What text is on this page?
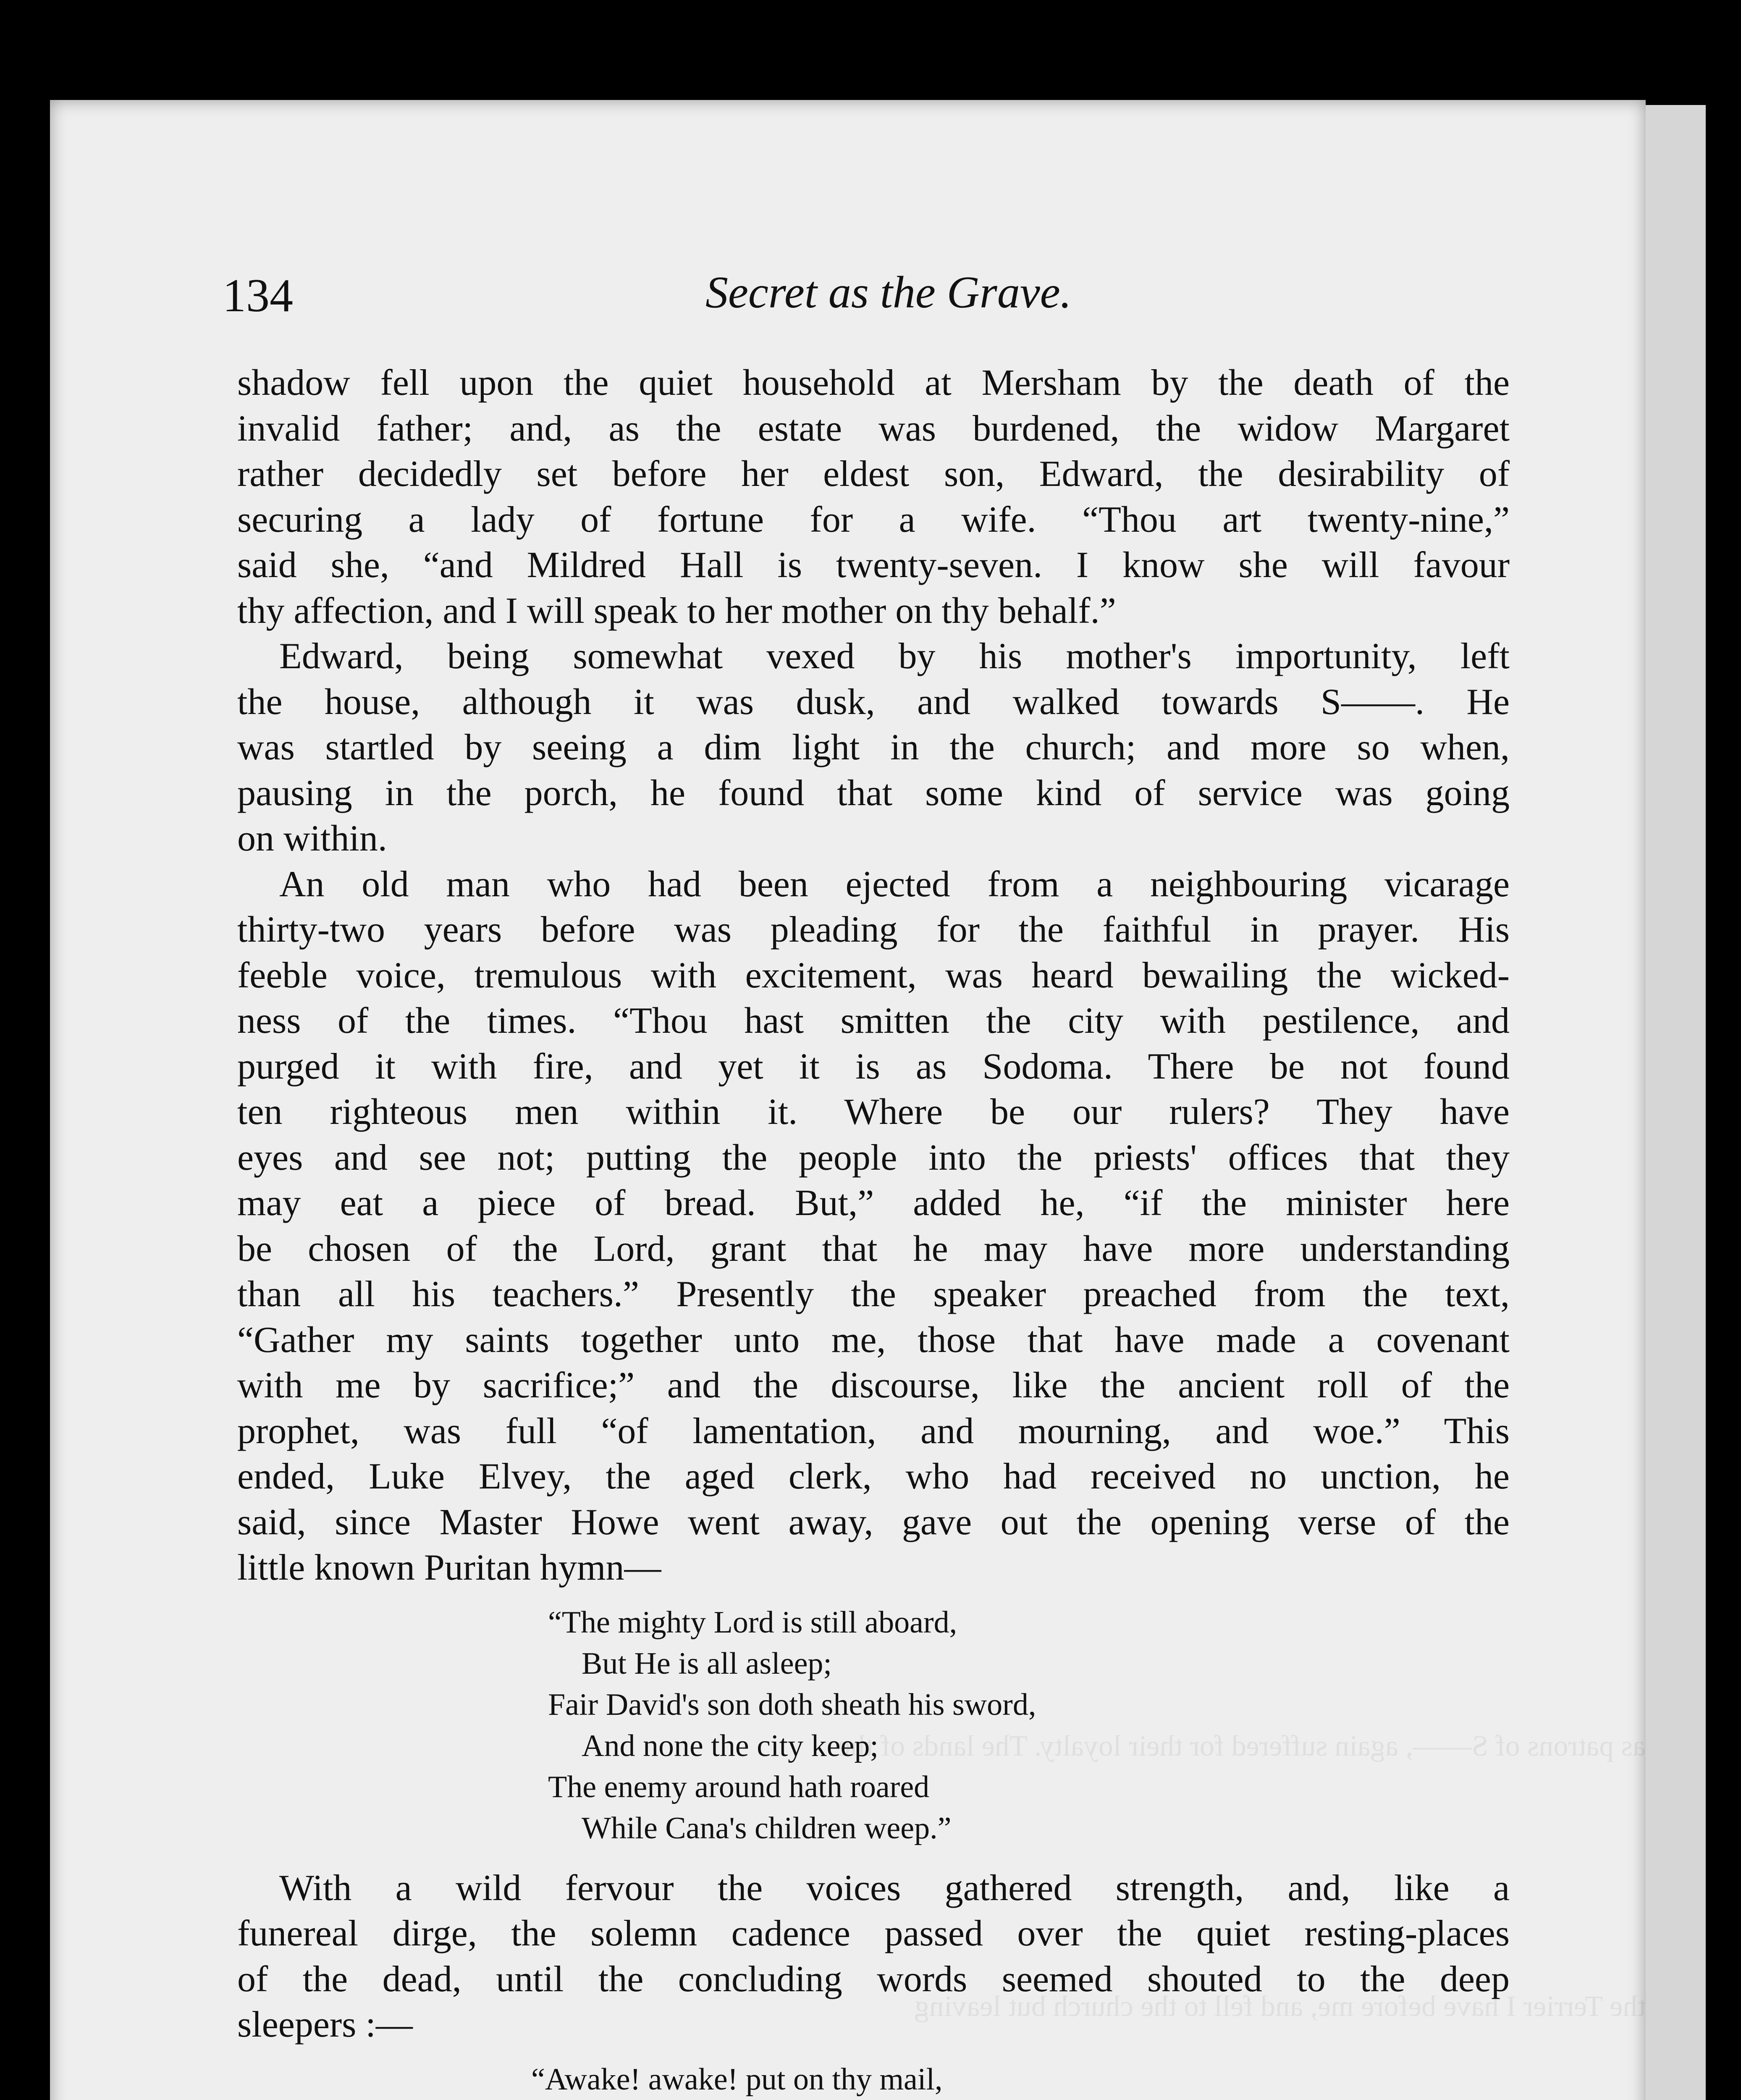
as patrons of S——, again suffered for their loyalty. The lands of the
the Terrier I have before me, and fell to the church but leaving
134	Secret as the Grave.

shadow fell upon the quiet household at Mersham by the death of the
invalid father; and, as the estate was burdened, the widow Margaret
rather decidedly set before her eldest son, Edward, the desirability of
securing a lady of fortune for a wife. “Thou art twenty-nine,”
said she, “and Mildred Hall is twenty-seven. I know she will favour
thy affection, and I will speak to her mother on thy behalf.”

Edward, being somewhat vexed by his mother's importunity, left
the house, although it was dusk, and walked towards S——. He
was startled by seeing a dim light in the church; and more so when,
pausing in the porch, he found that some kind of service was going
on within.

An old man who had been ejected from a neighbouring vicarage
thirty-two years before was pleading for the faithful in prayer. His
feeble voice, tremulous with excitement, was heard bewailing the wicked-
ness of the times. “Thou hast smitten the city with pestilence, and
purged it with fire, and yet it is as Sodoma. There be not found
ten righteous men within it. Where be our rulers? They have
eyes and see not; putting the people into the priests' offices that they
may eat a piece of bread. But,” added he, “if the minister here
be chosen of the Lord, grant that he may have more understanding
than all his teachers.” Presently the speaker preached from the text,
“Gather my saints together unto me, those that have made a covenant
with me by sacrifice;” and the discourse, like the ancient roll of the
prophet, was full “of lamentation, and mourning, and woe.” This
ended, Luke Elvey, the aged clerk, who had received no unction, he
said, since Master Howe went away, gave out the opening verse of the
little known Puritan hymn—

“The mighty Lord is still aboard,
But He is all asleep;
Fair David's son doth sheath his sword,
And none the city keep;
The enemy around hath roared
While Cana's children weep.”

With a wild fervour the voices gathered strength, and, like a
funereal dirge, the solemn cadence passed over the quiet resting-places
of the dead, until the concluding words seemed shouted to the deep
sleepers :—

“Awake! awake! put on thy mail,
